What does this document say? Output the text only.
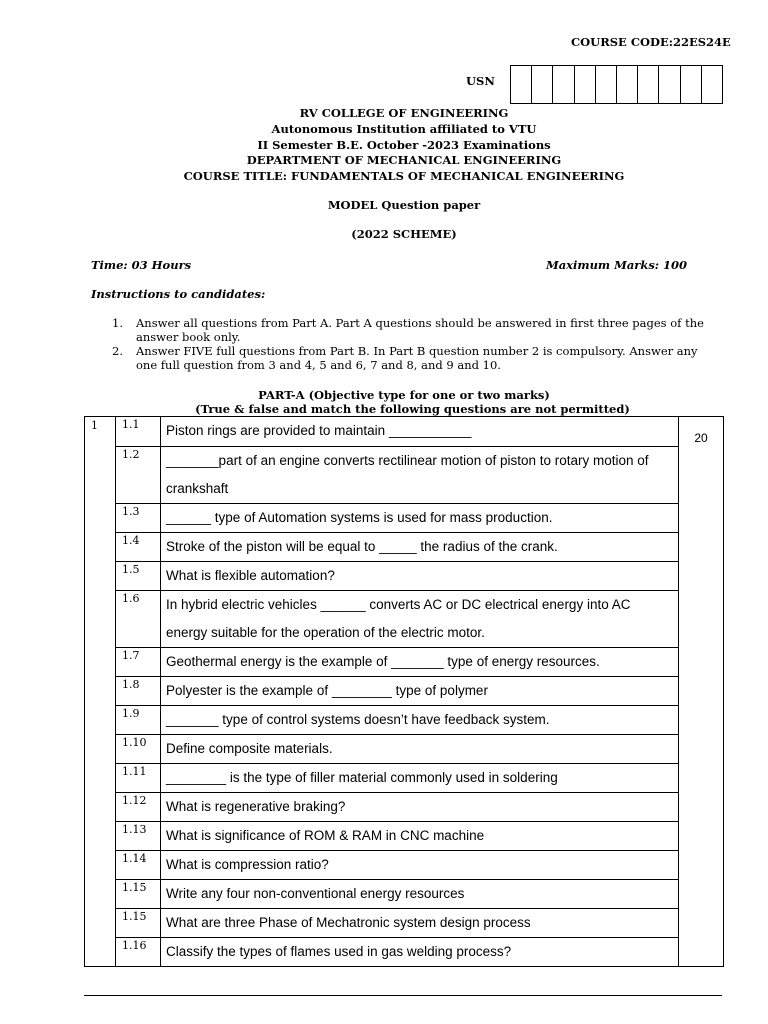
COURSE CODE:22ES24E
USN
RV COLLEGE OF ENGINEERING
Autonomous Institution affiliated to VTU
II Semester B.E. October -2023 Examinations
DEPARTMENT OF MECHANICAL ENGINEERING
COURSE TITLE: FUNDAMENTALS OF MECHANICAL ENGINEERING
MODEL Question paper
(2022 SCHEME)
Time: 03 Hours	Maximum Marks: 100
Instructions to candidates:
1.	Answer all questions from Part A. Part A questions should be answered in first three pages of the answer book only.
2.	Answer FIVE full questions from Part B. In Part B question number 2 is compulsory. Answer any one full question from 3 and 4, 5 and 6, 7 and 8, and 9 and 10.
PART-A (Objective type for one or two marks)
(True & false and match the following questions are not permitted)
1	1.1	Piston rings are provided to maintain ___________	20
	1.2	_______part of an engine converts rectilinear motion of piston to rotary motion of crankshaft	
	1.3	______ type of Automation systems is used for mass production.	
	1.4	Stroke of the piston will be equal to _____ the radius of the crank.	
	1.5	What is flexible automation?	
	1.6	In hybrid electric vehicles ______ converts AC or DC electrical energy into AC energy suitable for the operation of the electric motor.	
	1.7	Geothermal energy is the example of _______ type of energy resources.	
	1.8	Polyester is the example of ________ type of polymer	
	1.9	_______ type of control systems doesn’t have feedback system.	
	1.10	Define composite materials.	
	1.11	________ is the type of filler material commonly used in soldering	
	1.12	What is regenerative braking?	
	1.13	What is significance of ROM & RAM in CNC machine	
	1.14	What is compression ratio?	
	1.15	Write any four non-conventional energy resources	
	1.15	What are three Phase of Mechatronic system design process	
	1.16	Classify the types of flames used in gas welding process?	
